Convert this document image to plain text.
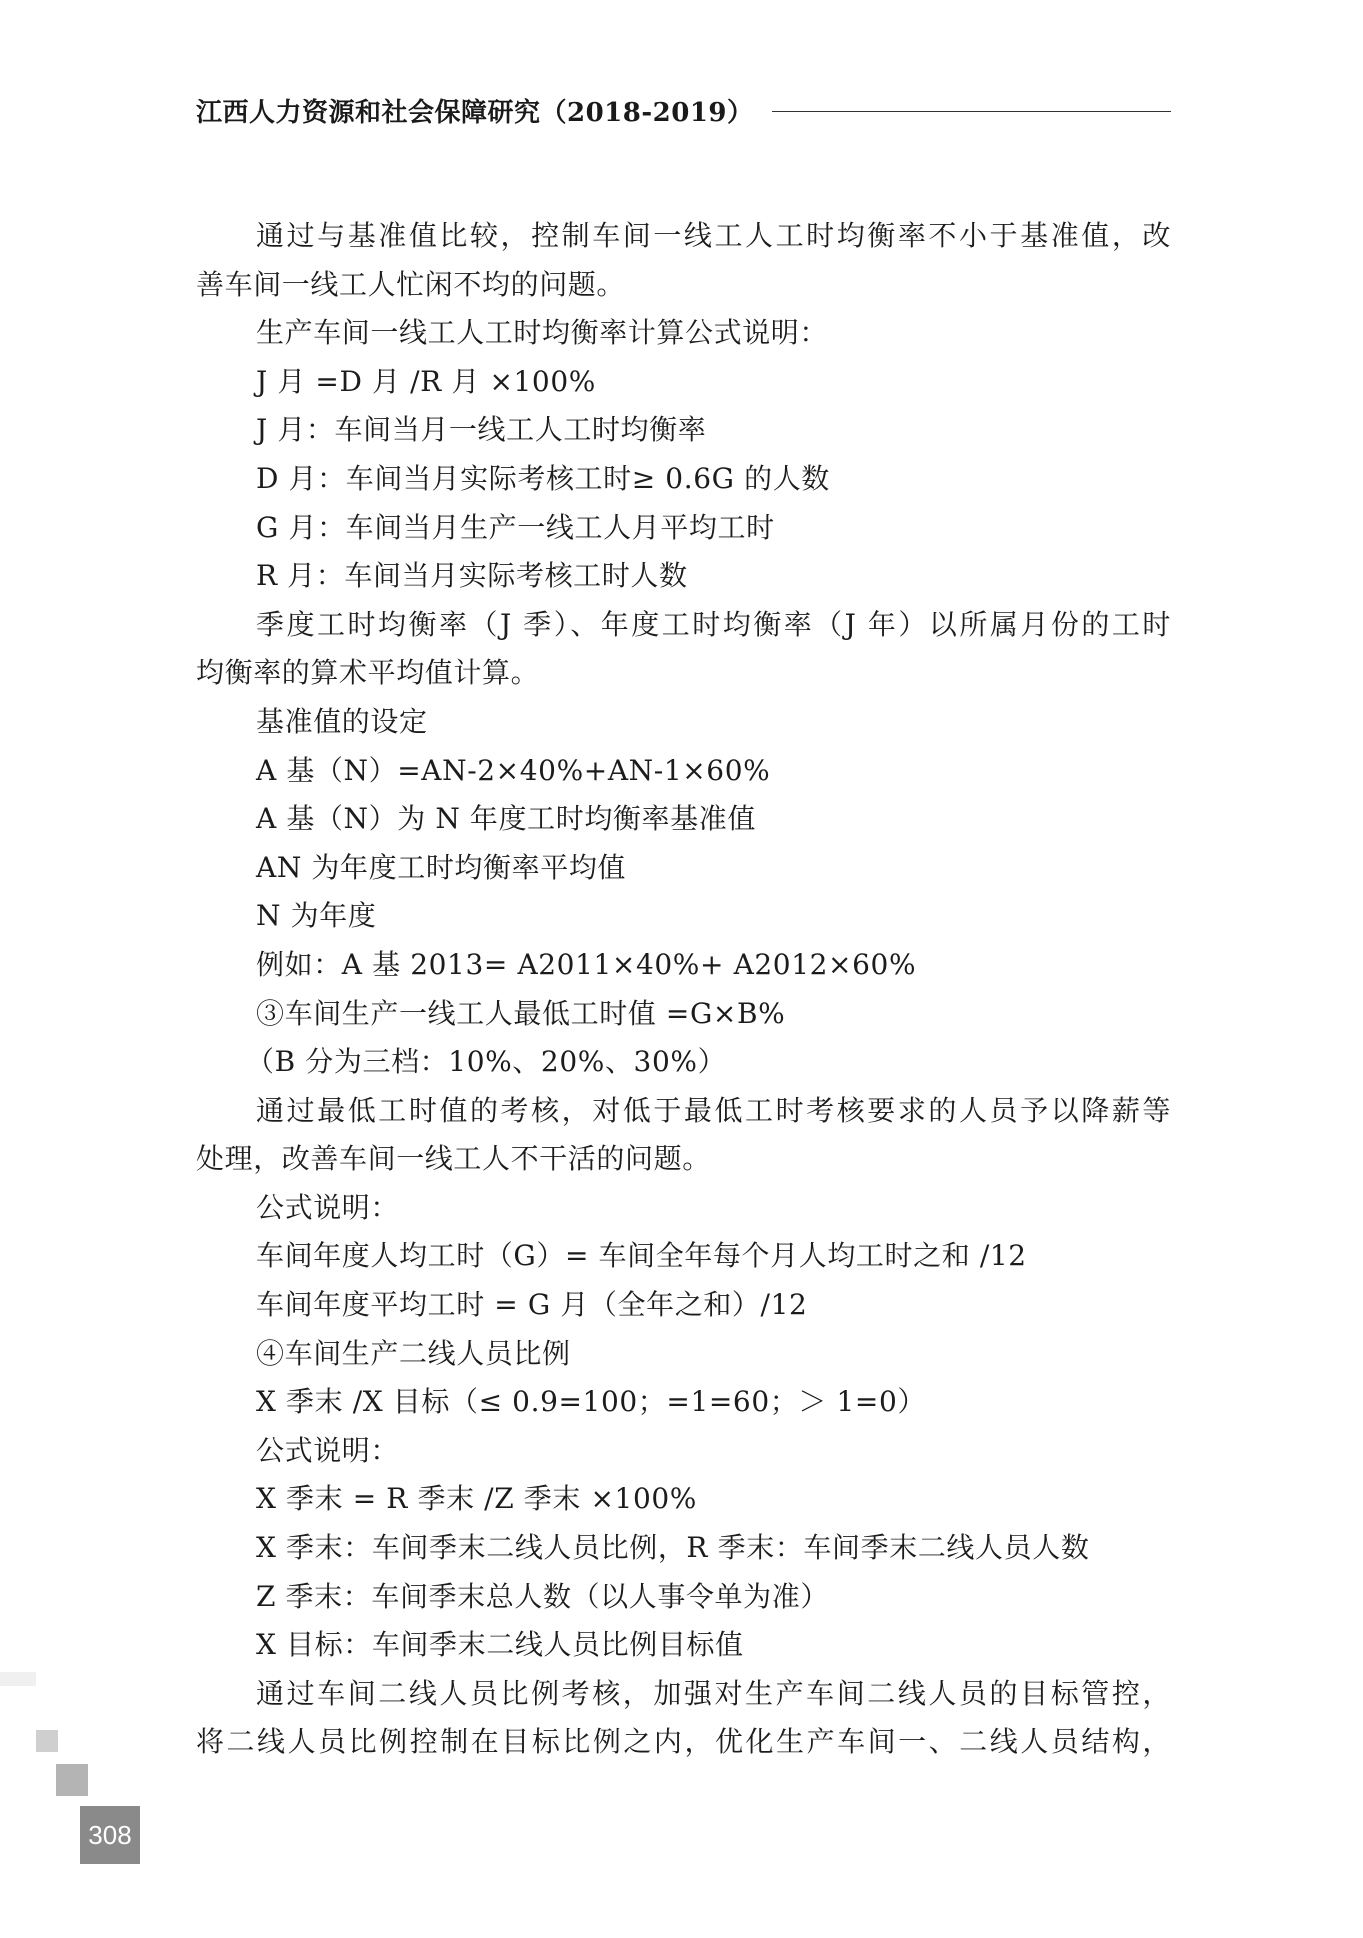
江西人力资源和社会保障研究（2018-2019）
通过与基准值比较，控制车间一线工人工时均衡率不小于基准值，改
善车间一线工人忙闲不均的问题。
生产车间一线工人工时均衡率计算公式说明：
J 月 =D 月 /R 月 ×100%
J 月：车间当月一线工人工时均衡率
D 月：车间当月实际考核工时≥ 0.6G 的人数
G 月：车间当月生产一线工人月平均工时
R 月：车间当月实际考核工时人数
季度工时均衡率（J 季）、年度工时均衡率（J 年）以所属月份的工时
均衡率的算术平均值计算。
基准值的设定
A 基（N）=AN-2×40%+AN-1×60%
A 基（N）为 N 年度工时均衡率基准值
AN 为年度工时均衡率平均值
N 为年度
例如：A 基 2013= A2011×40%+ A2012×60%
③车间生产一线工人最低工时值 =G×B%
（B 分为三档：10%、20%、30%）
通过最低工时值的考核，对低于最低工时考核要求的人员予以降薪等
处理，改善车间一线工人不干活的问题。
公式说明：
车间年度人均工时（G）= 车间全年每个月人均工时之和 /12
车间年度平均工时 = G 月（全年之和）/12
④车间生产二线人员比例
X 季末 /X 目标（≤ 0.9=100；=1=60；＞ 1=0）
公式说明：
X 季末 = R 季末 /Z 季末 ×100%
X 季末：车间季末二线人员比例，R 季末：车间季末二线人员人数
Z 季末：车间季末总人数（以人事令单为准）
X 目标：车间季末二线人员比例目标值
通过车间二线人员比例考核，加强对生产车间二线人员的目标管控，
将二线人员比例控制在目标比例之内，优化生产车间一、二线人员结构，
308
